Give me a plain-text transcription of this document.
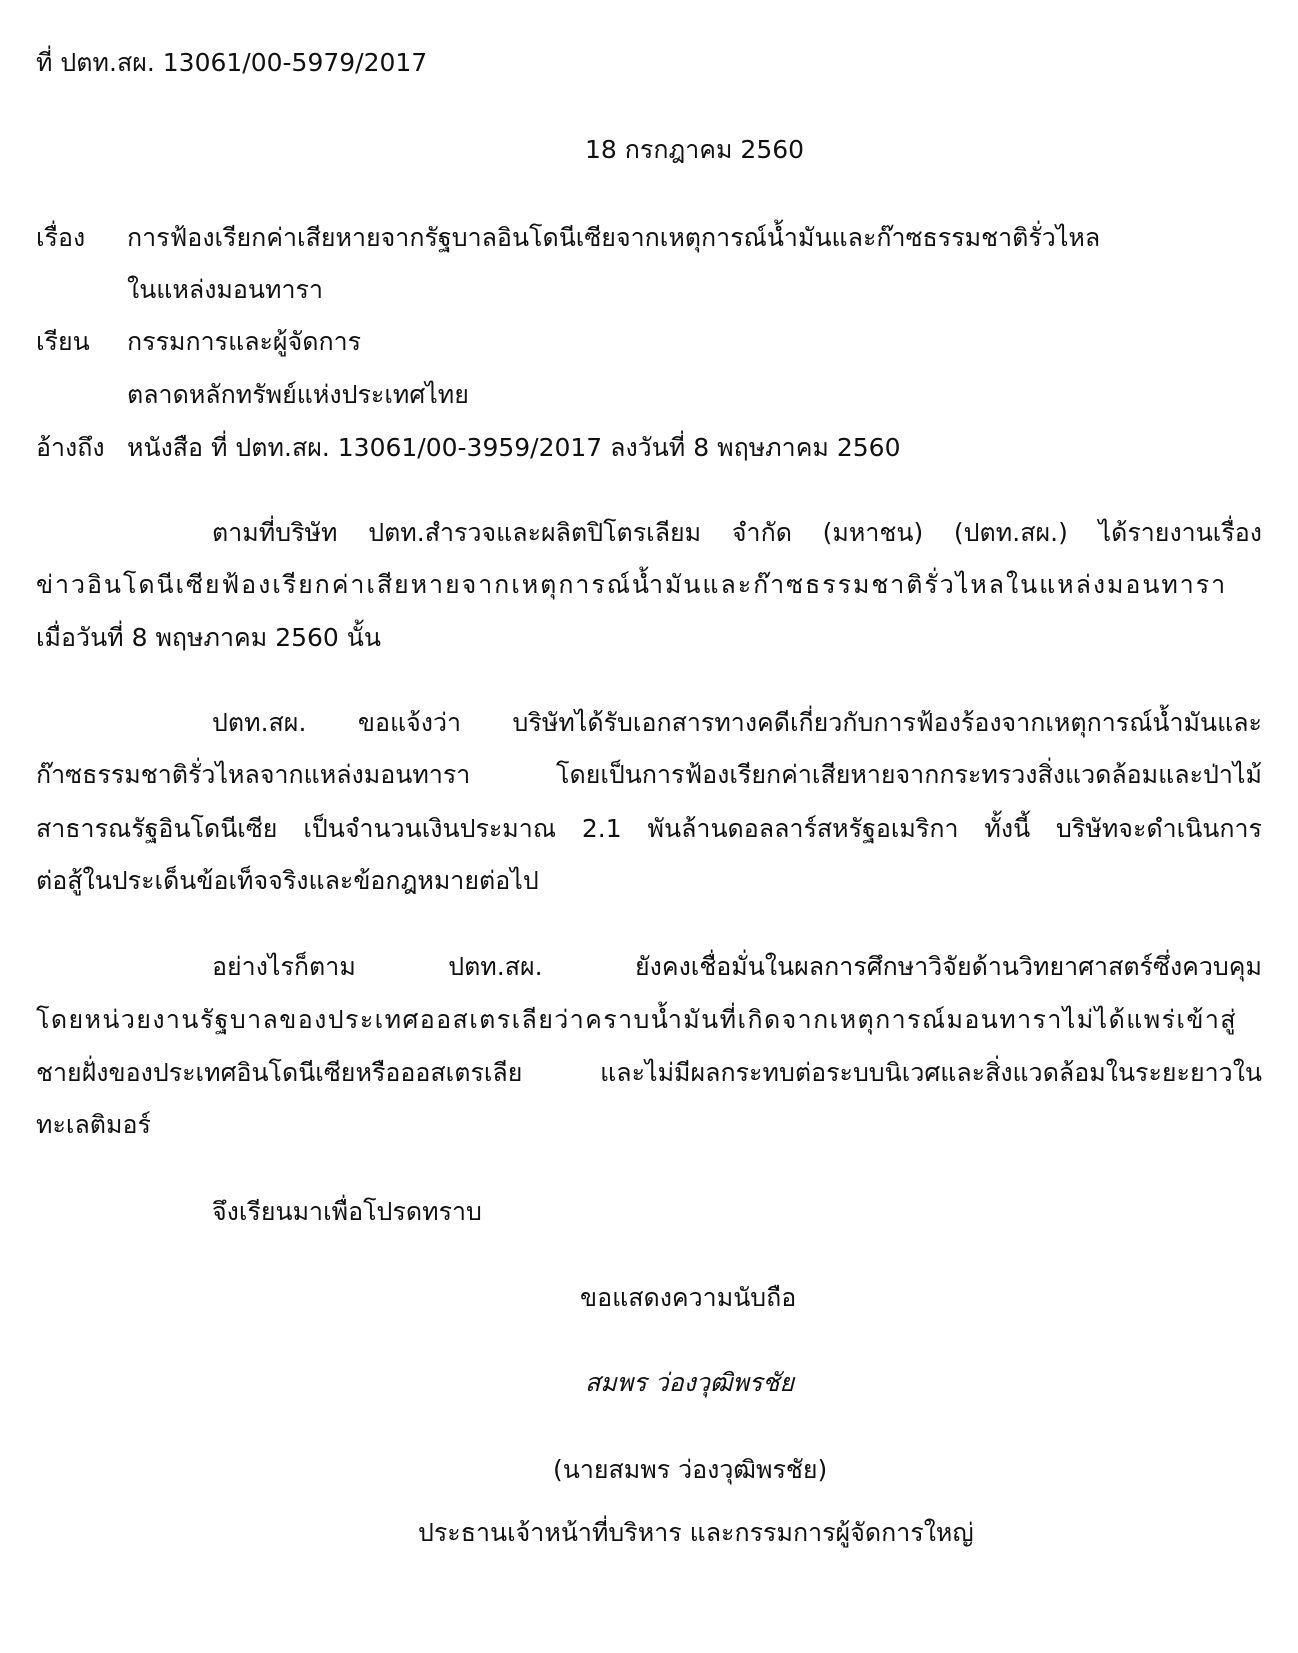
ที่ ปตท.สผ. 13061/00-5979/2017
18 กรกฎาคม 2560
เรื่อง การฟ้องเรียกค่าเสียหายจากรัฐบาลอินโดนีเซียจากเหตุการณ์น้ำมันและก๊าซธรรมชาติรั่วไหล
ในแหล่งมอนทารา
เรียน กรรมการและผู้จัดการ
ตลาดหลักทรัพย์แห่งประเทศไทย
อ้างถึง หนังสือ ที่ ปตท.สผ. 13061/00-3959/2017 ลงวันที่ 8 พฤษภาคม 2560
ตามที่บริษัท ปตท.สำรวจและผลิตปิโตรเลียม จำกัด (มหาชน) (ปตท.สผ.) ได้รายงานเรื่อง
ข่าวอินโดนีเซียฟ้องเรียกค่าเสียหายจากเหตุการณ์น้ำมันและก๊าซธรรมชาติรั่วไหลในแหล่งมอนทารา
เมื่อวันที่ 8 พฤษภาคม 2560 นั้น
ปตท.สผ. ขอแจ้งว่า บริษัทได้รับเอกสารทางคดีเกี่ยวกับการฟ้องร้องจากเหตุการณ์น้ำมันและ
ก๊าซธรรมชาติรั่วไหลจากแหล่งมอนทารา โดยเป็นการฟ้องเรียกค่าเสียหายจากกระทรวงสิ่งแวดล้อมและป่าไม้
สาธารณรัฐอินโดนีเซีย เป็นจำนวนเงินประมาณ 2.1 พันล้านดอลลาร์สหรัฐอเมริกา ทั้งนี้ บริษัทจะดำเนินการ
ต่อสู้ในประเด็นข้อเท็จจริงและข้อกฎหมายต่อไป
อย่างไรก็ตาม ปตท.สผ. ยังคงเชื่อมั่นในผลการศึกษาวิจัยด้านวิทยาศาสตร์ซึ่งควบคุม
โดยหน่วยงานรัฐบาลของประเทศออสเตรเลียว่าคราบน้ำมันที่เกิดจากเหตุการณ์มอนทาราไม่ได้แพร่เข้าสู่
ชายฝั่งของประเทศอินโดนีเซียหรือออสเตรเลีย และไม่มีผลกระทบต่อระบบนิเวศและสิ่งแวดล้อมในระยะยาวใน
ทะเลติมอร์
จึงเรียนมาเพื่อโปรดทราบ
ขอแสดงความนับถือ
สมพร ว่องวุฒิพรชัย
(นายสมพร ว่องวุฒิพรชัย)
ประธานเจ้าหน้าที่บริหาร และกรรมการผู้จัดการใหญ่
